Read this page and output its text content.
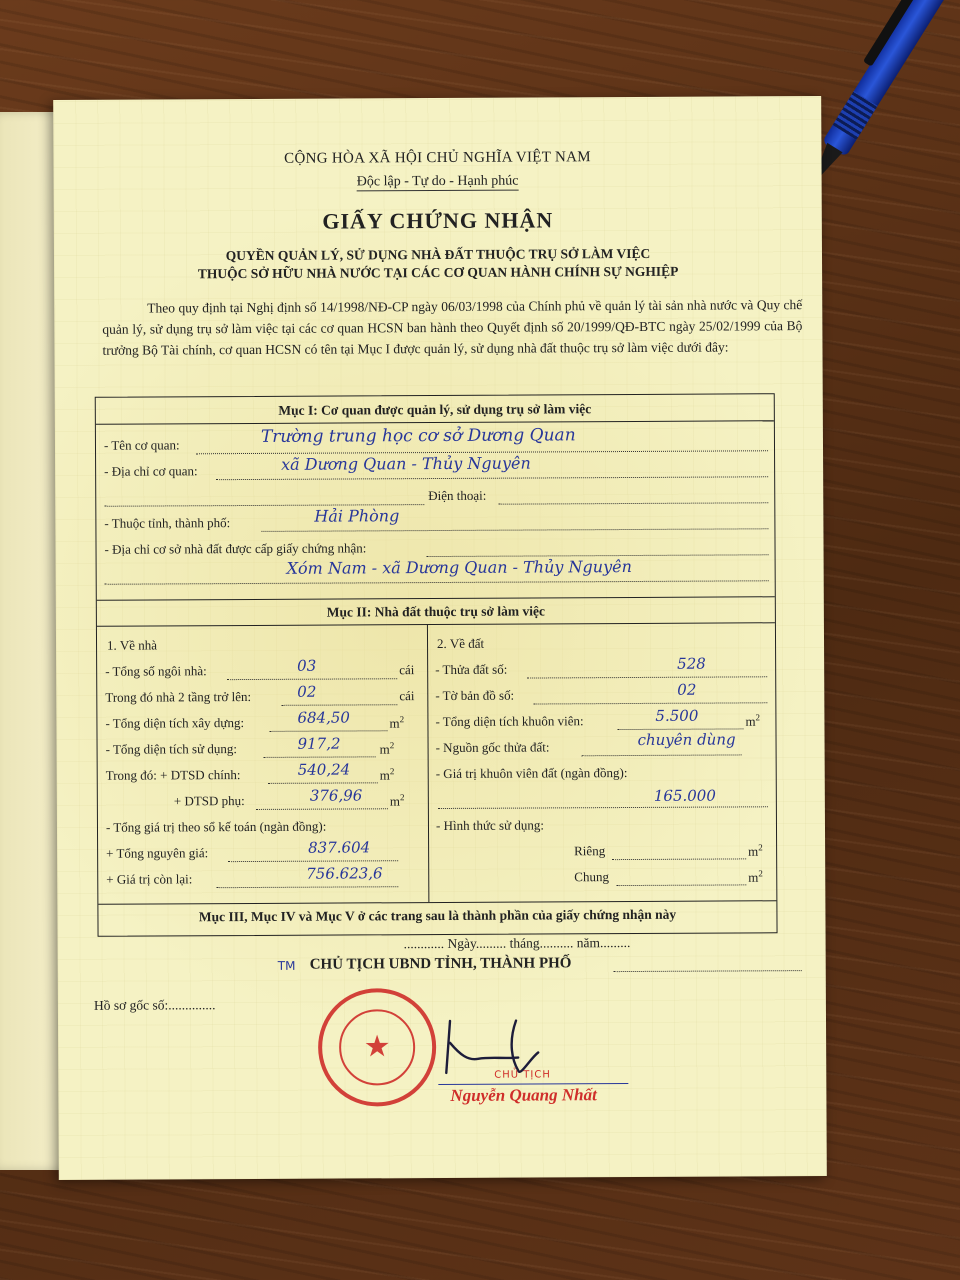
CỘNG HÒA XÃ HỘI CHỦ NGHĨA VIỆT NAM
Độc lập - Tự do - Hạnh phúc
GIẤY CHỨNG NHẬN
QUYỀN QUẢN LÝ, SỬ DỤNG NHÀ ĐẤT THUỘC TRỤ SỞ LÀM VIỆC
THUỘC SỞ HỮU NHÀ NƯỚC TẠI CÁC CƠ QUAN HÀNH CHÍNH SỰ NGHIỆP
Theo quy định tại Nghị định số 14/1998/NĐ-CP ngày 06/03/1998 của Chính phủ về quản lý tài sản nhà nước và Quy chế quản lý, sử dụng trụ sở làm việc tại các cơ quan HCSN ban hành theo Quyết định số 20/1999/QĐ-BTC ngày 25/02/1999 của Bộ trưởng Bộ Tài chính, cơ quan HCSN có tên tại Mục I được quản lý, sử dụng nhà đất thuộc trụ sở làm việc dưới đây:
Mục I: Cơ quan được quản lý, sử dụng trụ sở làm việc
- Tên cơ quan:	Trường trung học cơ sở Dương Quan
- Địa chỉ cơ quan:	xã Dương Quan - Thủy Nguyên
Điện thoại:
- Thuộc tỉnh, thành phố:	Hải Phòng
- Địa chỉ cơ sở nhà đất được cấp giấy chứng nhận:
Xóm Nam - xã Dương Quan - Thủy Nguyên
Mục II: Nhà đất thuộc trụ sở làm việc
1. Về nhà
- Tổng số ngôi nhà:	03	cái
Trong đó nhà 2 tầng trở lên:	02	cái
- Tổng diện tích xây dựng:	684,50	$m^2$
- Tổng diện tích sử dụng:	917,2	$m^2$
Trong đó: + DTSD chính:	540,24 $m^2$
+ DTSD phụ:	376,96 $m^2$
- Tổng giá trị theo sổ kế toán (ngàn đồng):
+ Tổng nguyên giá:	837.604
+ Giá trị còn lại:	756.623,6
2. Về đất
- Thửa đất số:	528
- Tờ bản đồ số:	02
- Tổng diện tích khuôn viên:	5.500	$m^2$
- Nguồn gốc thửa đất:	chuyên dùng
- Giá trị khuôn viên đất (ngàn đồng):
165.000
- Hình thức sử dụng:
Riêng	$m^2$
Chung	$m^2$
Mục III, Mục IV và Mục V ở các trang sau là thành phần của giấy chứng nhận này
............ Ngày......... tháng.......... năm.........
TM CHỦ TỊCH UBND TỈNH, THÀNH PHỐ
Hồ sơ gốc số:..............
★
CHỦ TỊCH
Nguyễn Quang Nhất
